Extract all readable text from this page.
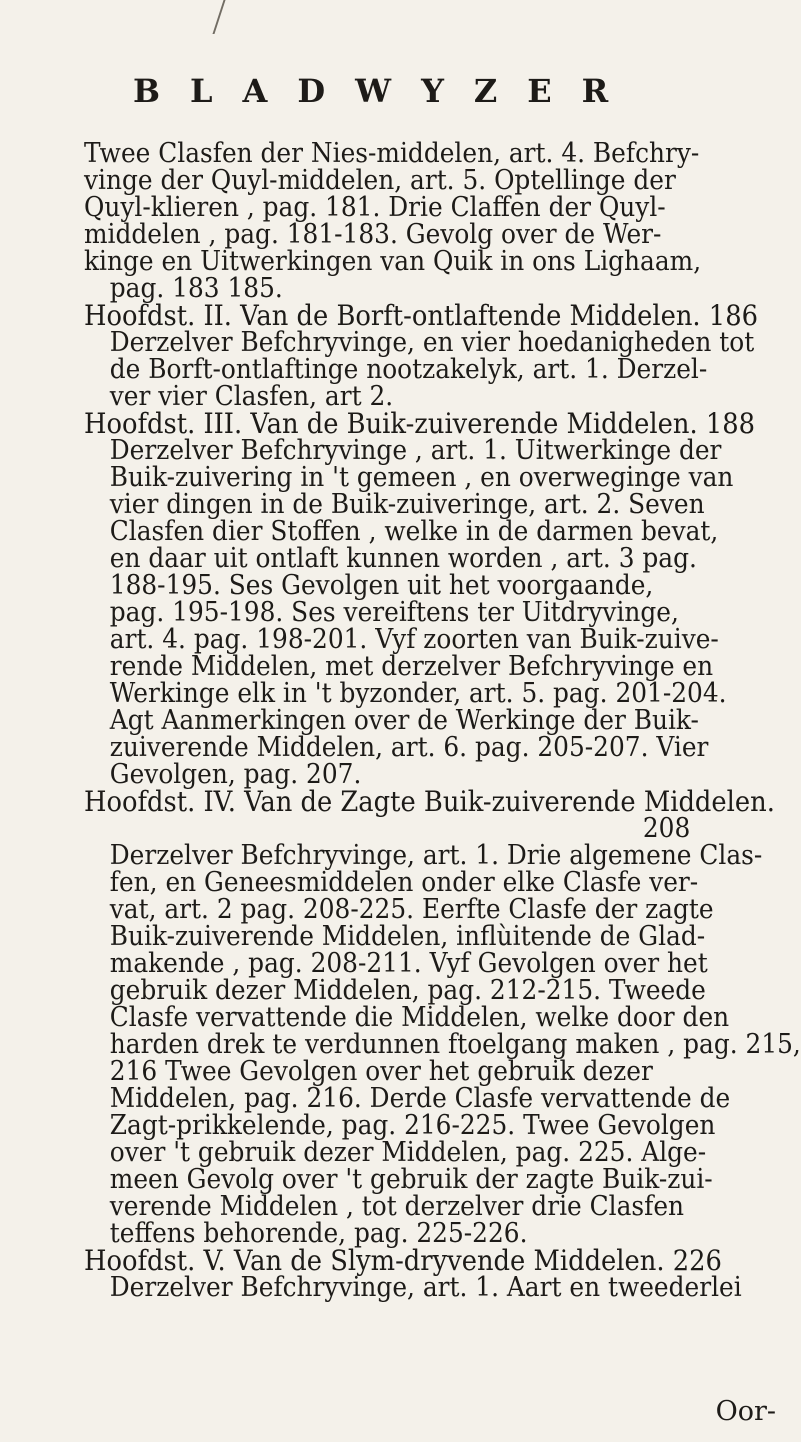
BLADWYZER
Twee Clasfen der Nies-middelen, art. 4. Befchry-
vinge der Quyl-middelen, art. 5. Optellinge der
Quyl-klieren , pag. 181. Drie Claffen der Quyl-
middelen , pag. 181-183. Gevolg over de Wer-
kinge en Uitwerkingen van Quik in ons Lighaam,
pag. 183 185.
Hoofdst. II. Van de Borft-ontlaftende Middelen. 186
Derzelver Befchryvinge, en vier hoedanigheden tot
de Borft-ontlaftinge nootzakelyk, art. 1. Derzel-
ver vier Clasfen, art 2.
Hoofdst. III. Van de Buik-zuiverende Middelen. 188
Derzelver Befchryvinge , art. 1. Uitwerkinge der
Buik-zuivering in 't gemeen , en overweginge van
vier dingen in de Buik-zuiveringe, art. 2. Seven
Clasfen dier Stoffen , welke in de darmen bevat,
en daar uit ontlaft kunnen worden , art. 3 pag.
188-195. Ses Gevolgen uit het voorgaande,
pag. 195-198. Ses vereiftens ter Uitdryvinge,
art. 4. pag. 198-201. Vyf zoorten van Buik-zuive-
rende Middelen, met derzelver Befchryvinge en
Werkinge elk in 't byzonder, art. 5. pag. 201-204.
Agt Aanmerkingen over de Werkinge der Buik-
zuiverende Middelen, art. 6. pag. 205-207. Vier
Gevolgen, pag. 207.
Hoofdst. IV. Van de Zagte Buik-zuiverende Middelen.
208
Derzelver Befchryvinge, art. 1. Drie algemene Clas-
fen, en Geneesmiddelen onder elke Clasfe ver-
vat, art. 2 pag. 208-225. Eerfte Clasfe der zagte
Buik-zuiverende Middelen, inflùitende de Glad-
makende , pag. 208-211. Vyf Gevolgen over het
gebruik dezer Middelen, pag. 212-215. Tweede
Clasfe vervattende die Middelen, welke door den
harden drek te verdunnen ftoelgang maken , pag. 215,
216 Twee Gevolgen over het gebruik dezer
Middelen, pag. 216. Derde Clasfe vervattende de
Zagt-prikkelende, pag. 216-225. Twee Gevolgen
over 't gebruik dezer Middelen, pag. 225. Alge-
meen Gevolg over 't gebruik der zagte Buik-zui-
verende Middelen , tot derzelver drie Clasfen
teffens behorende, pag. 225-226.
Hoofdst. V. Van de Slym-dryvende Middelen. 226
Derzelver Befchryvinge, art. 1. Aart en tweederlei
Oor-
